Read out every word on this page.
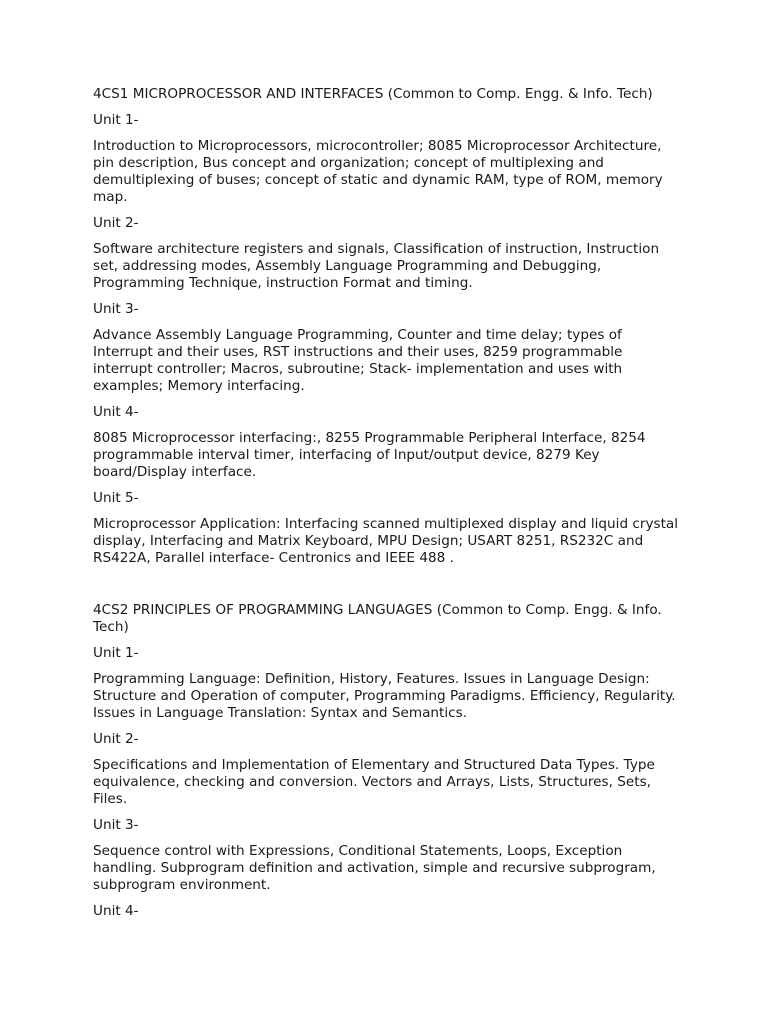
4CS1 MICROPROCESSOR AND INTERFACES (Common to Comp. Engg. & Info. Tech)

Unit 1-

Introduction to Microprocessors, microcontroller; 8085 Microprocessor Architecture, pin description, Bus concept and organization; concept of multiplexing and demultiplexing of buses; concept of static and dynamic RAM, type of ROM, memory map.

Unit 2-

Software architecture registers and signals, Classification of instruction, Instruction set, addressing modes, Assembly Language Programming and Debugging, Programming Technique, instruction Format and timing.

Unit 3-

Advance Assembly Language Programming, Counter and time delay; types of Interrupt and their uses, RST instructions and their uses, 8259 programmable interrupt controller; Macros, subroutine; Stack- implementation and uses with examples; Memory interfacing.

Unit 4-

8085 Microprocessor interfacing:, 8255 Programmable Peripheral Interface, 8254 programmable interval timer, interfacing of Input/output device, 8279 Key board/Display interface.

Unit 5-

Microprocessor Application: Interfacing scanned multiplexed display and liquid crystal display, Interfacing and Matrix Keyboard, MPU Design; USART 8251, RS232C and RS422A, Parallel interface- Centronics and IEEE 488 .

4CS2 PRINCIPLES OF PROGRAMMING LANGUAGES (Common to Comp. Engg. & Info. Tech)

Unit 1-

Programming Language: Definition, History, Features. Issues in Language Design: Structure and Operation of computer, Programming Paradigms. Efficiency, Regularity. Issues in Language Translation: Syntax and Semantics.

Unit 2-

Specifications and Implementation of Elementary and Structured Data Types. Type equivalence, checking and conversion. Vectors and Arrays, Lists, Structures, Sets, Files.

Unit 3-

Sequence control with Expressions, Conditional Statements, Loops, Exception handling. Subprogram definition and activation, simple and recursive subprogram, subprogram environment.

Unit 4-
